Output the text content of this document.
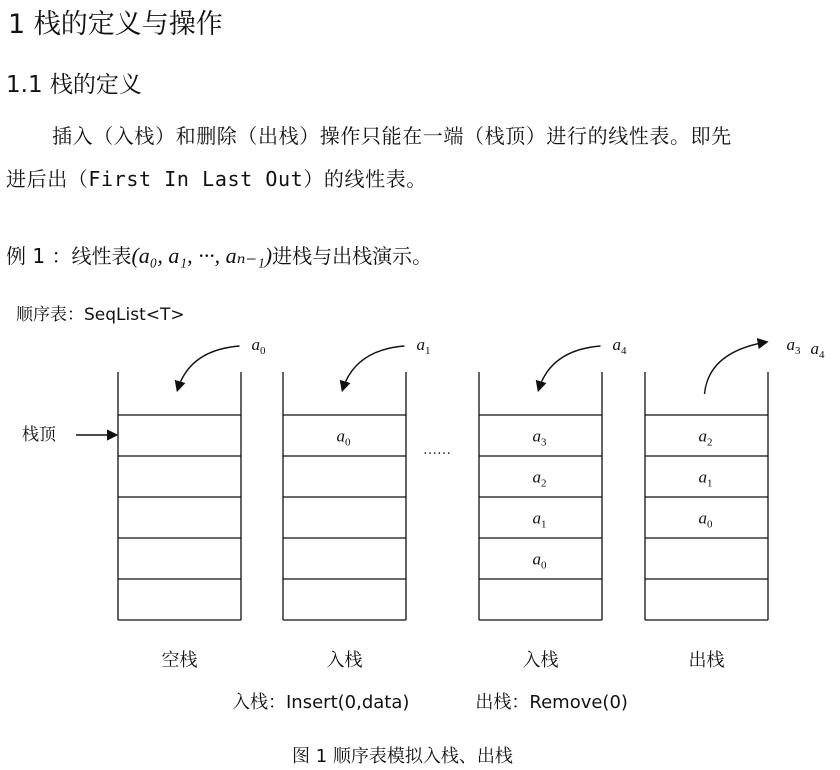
1 栈的定义与操作
1.1 栈的定义
插入（入栈）和删除（出栈）操作只能在一端（栈顶）进行的线性表。即先
进后出（First In Last Out）的线性表。
例 1 ：线性表(a₀, a₁, ···, aₙ₋₁)进栈与出栈演示。
顺序表：SeqList<T>
$a_0$
空栈
$a_0$
$a_1$
入栈
$a_3$
$a_2$
$a_1$
$a_0$
$a_4$
入栈
$a_2$
$a_1$
$a_0$
$a_3$ $a_4$
出栈
栈顶
……
入栈：Insert(0,data)	出栈：Remove(0)
图 1 顺序表模拟入栈、出栈
